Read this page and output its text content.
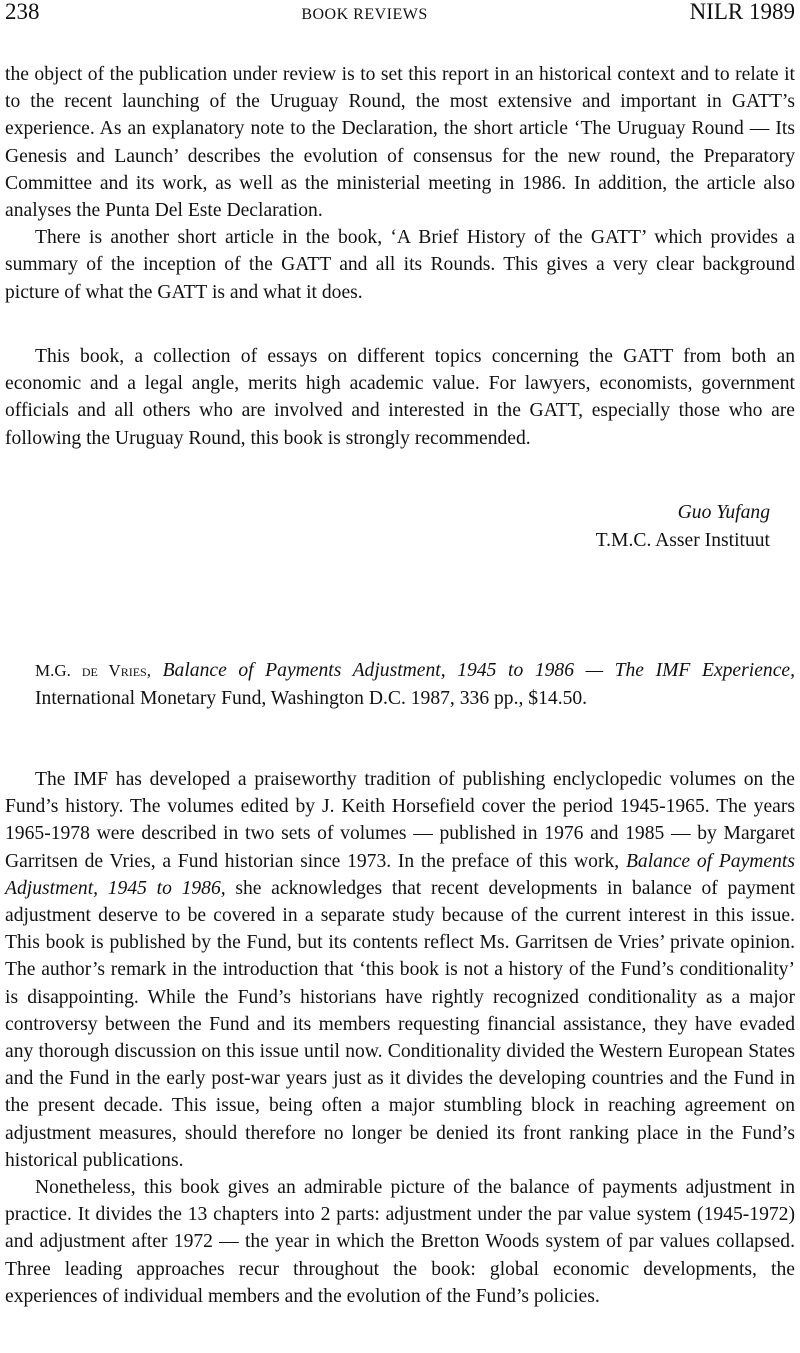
238	BOOK REVIEWS	NILR 1989

the object of the publication under review is to set this report in an historical context and to relate it to the recent launching of the Uruguay Round, the most extensive and important in GATT’s experience. As an explanatory note to the Declaration, the short article ‘The Uruguay Round — Its Genesis and Launch’ describes the evolution of consensus for the new round, the Preparatory Committee and its work, as well as the ministerial meeting in 1986. In addition, the article also analyses the Punta Del Este Declaration.

There is another short article in the book, ‘A Brief History of the GATT’ which provides a summary of the inception of the GATT and all its Rounds. This gives a very clear background picture of what the GATT is and what it does.

This book, a collection of essays on different topics concerning the GATT from both an economic and a legal angle, merits high academic value. For lawyers, economists, government officials and all others who are involved and interested in the GATT, especially those who are following the Uruguay Round, this book is strongly recommended.
Guo Yufang
T.M.C. Asser Instituut
M.G. de Vries, Balance of Payments Adjustment, 1945 to 1986 — The IMF Experience, International Monetary Fund, Washington D.C. 1987, 336 pp., $14.50.

The IMF has developed a praiseworthy tradition of publishing enclyclopedic volumes on the Fund’s history. The volumes edited by J. Keith Horsefield cover the period 1945-1965. The years 1965-1978 were described in two sets of volumes — published in 1976 and 1985 — by Margaret Garritsen de Vries, a Fund historian since 1973. In the preface of this work, Balance of Payments Adjustment, 1945 to 1986, she acknowledges that recent developments in balance of payment adjustment deserve to be covered in a separate study because of the current interest in this issue. This book is published by the Fund, but its contents reflect Ms. Garritsen de Vries’ private opinion. The author’s remark in the introduction that ‘this book is not a history of the Fund’s conditionality’ is disappointing. While the Fund’s historians have rightly recognized conditionality as a major controversy between the Fund and its members requesting financial assistance, they have evaded any thorough discussion on this issue until now. Conditionality divided the Western European States and the Fund in the early post-war years just as it divides the developing countries and the Fund in the present decade. This issue, being often a major stumbling block in reaching agreement on adjustment measures, should therefore no longer be denied its front ranking place in the Fund’s historical publications.

Nonetheless, this book gives an admirable picture of the balance of payments adjustment in practice. It divides the 13 chapters into 2 parts: adjustment under the par value system (1945-1972) and adjustment after 1972 — the year in which the Bretton Woods system of par values collapsed. Three leading approaches recur throughout the book: global economic developments, the experiences of individual members and the evolution of the Fund’s policies.
